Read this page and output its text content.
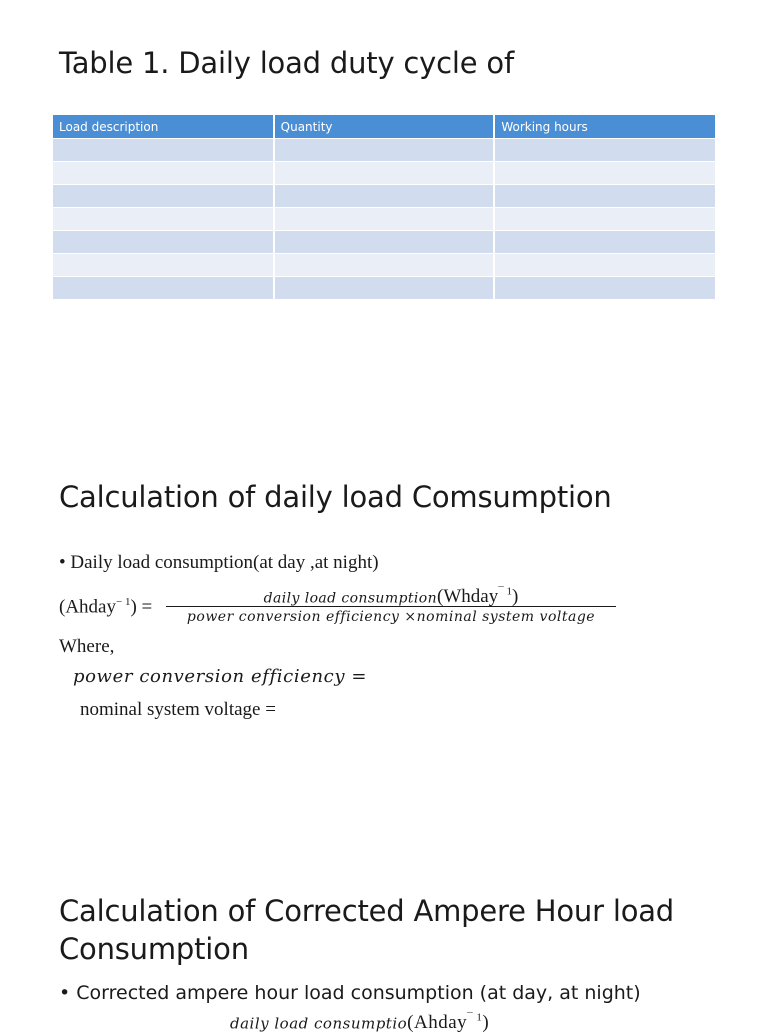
Table 1. Daily load duty cycle of
Load description	Quantity	Working hours

Calculation of daily load Comsumption

• Daily load consumption(at day ,at night)

(Ahday$^{- 1}$) =	daily load consumption(Whday$^{¯ 1}$)
power conversion efficiency ×nominal system voltage
Where,
power conversion efficiency =
nominal system voltage =
Calculation of Corrected Ampere Hour load Consumption

• Corrected ampere hour load consumption (at day, at night)

daily load consumptio(Ahday$^{¯ 1}$)
